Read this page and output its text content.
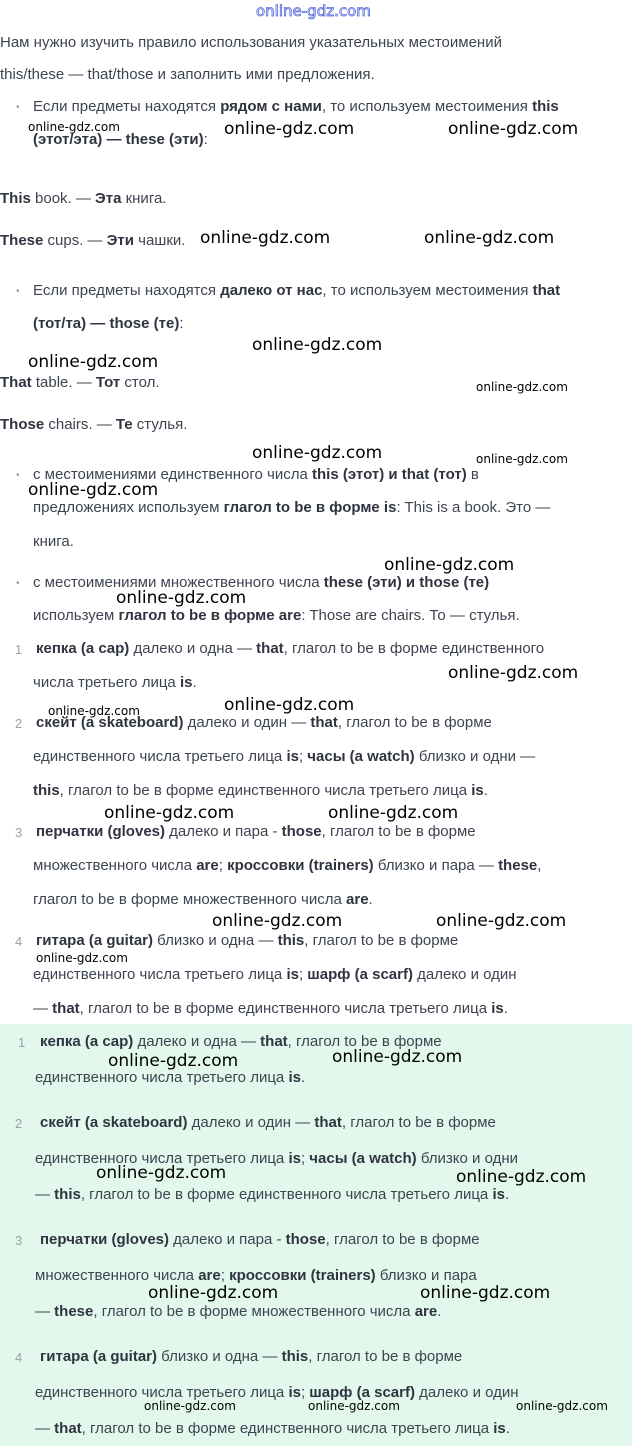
online-gdz.com
Нам нужно изучить правило использования указательных местоимений
this/these — that/those и заполнить ими предложения.
• Если предметы находятся рядом с нами, то используем местоимения this
(этот/эта) — these (эти):
This book. — Эта книга.
These cups. — Эти чашки.
• Если предметы находятся далеко от нас, то используем местоимения that
(тот/та) — those (те):
That table. — Тот стол.
Those chairs. — Те стулья.
• с местоимениями единственного числа this (этот) и that (тот) в
предложениях используем глагол to be в форме is: This is a book. Это —
книга.
• с местоимениями множественного числа these (эти) и those (те)
используем глагол to be в форме are: Those are chairs. То — стулья.
1 кепка (a cap) далеко и одна — that, глагол to be в форме единственного
числа третьего лица is.
2 скейт (a skateboard) далеко и один — that, глагол to be в форме
единственного числа третьего лица is; часы (a watch) близко и одни —
this, глагол to be в форме единственного числа третьего лица is.
3 перчатки (gloves) далеко и пара - those, глагол to be в форме
множественного числа are; кроссовки (trainers) близко и пара — these,
глагол to be в форме множественного числа are.
4 гитара (a guitar) близко и одна — this, глагол to be в форме
единственного числа третьего лица is; шарф (a scarf) далеко и один
— that, глагол to be в форме единственного числа третьего лица is.
1 кепка (a cap) далеко и одна — that, глагол to be в форме
единственного числа третьего лица is.
2 скейт (a skateboard) далеко и один — that, глагол to be в форме
единственного числа третьего лица is; часы (a watch) близко и одни
— this, глагол to be в форме единственного числа третьего лица is.
3 перчатки (gloves) далеко и пара - those, глагол to be в форме
множественного числа are; кроссовки (trainers) близко и пара
— these, глагол to be в форме множественного числа are.
4 гитара (a guitar) близко и одна — this, глагол to be в форме
единственного числа третьего лица is; шарф (a scarf) далеко и один
— that, глагол to be в форме единственного числа третьего лица is.
online-gdz.com	online-gdz.com	online-gdz.com
online-gdz.com	online-gdz.com
online-gdz.com
online-gdz.com
online-gdz.com
online-gdz.com	online-gdz.com
online-gdz.com
online-gdz.com
online-gdz.com
online-gdz.com
online-gdz.com
online-gdz.com
online-gdz.com	online-gdz.com
online-gdz.com	online-gdz.com
online-gdz.com
online-gdz.com	online-gdz.com
online-gdz.com	online-gdz.com
online-gdz.com	online-gdz.com
online-gdz.com	online-gdz.com	online-gdz.com
